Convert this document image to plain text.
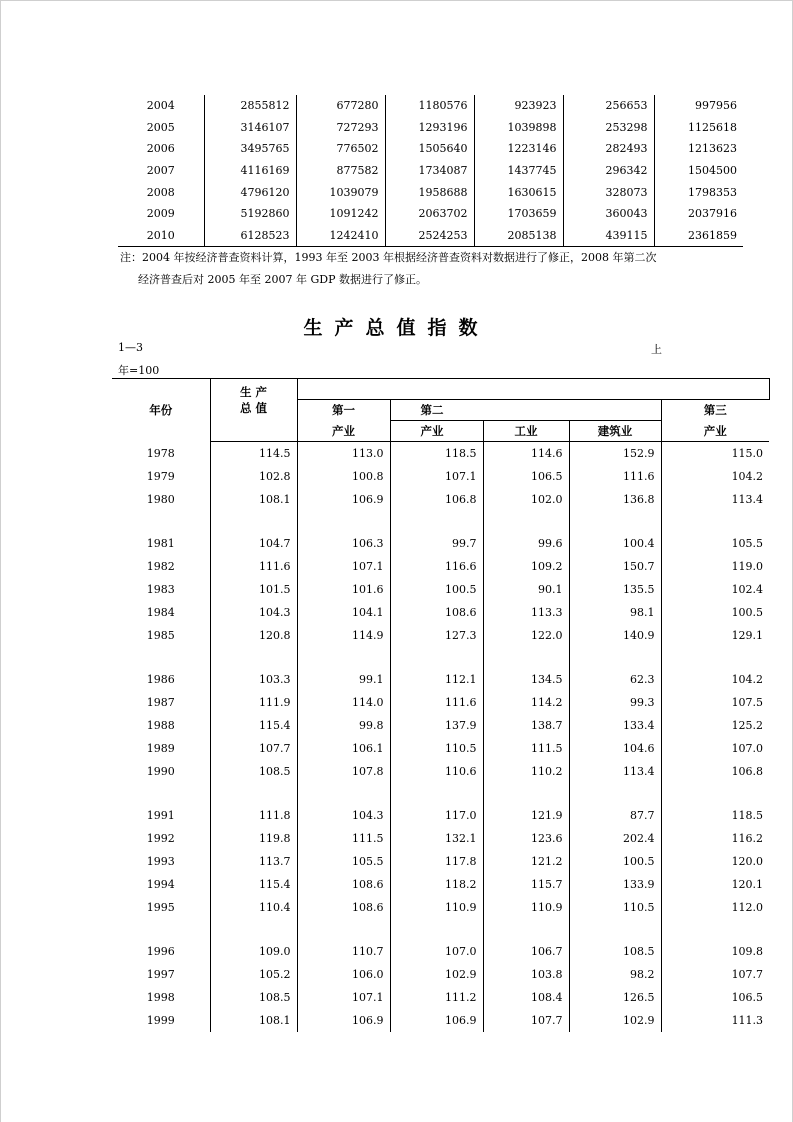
2004	2855812	677280	1180576	923923	256653	997956
2005	3146107	727293	1293196	1039898	253298	1125618
2006	3495765	776502	1505640	1223146	282493	1213623
2007	4116169	877582	1734087	1437745	296342	1504500
2008	4796120	1039079	1958688	1630615	328073	1798353
2009	5192860	1091242	2063702	1703659	360043	2037916
2010	6128523	1242410	2524253	2085138	439115	2361859
注：2004 年按经济普查资料计算，1993 年至 2003 年根据经济普查资料对数据进行了修正，2008 年第二次
经济普查后对 2005 年至 2007 年 GDP 数据进行了修正。
生产总值指数
1—3	上
年=100
年份	生 产				
	总 值	第一	第二			第三
		产业	产业	工业	建筑业	产业
1978	114.5	113.0	118.5	114.6	152.9	115.0
1979	102.8	100.8	107.1	106.5	111.6	104.2
1980	108.1	106.9	106.8	102.0	136.8	113.4

1981	104.7	106.3	99.7	99.6	100.4	105.5
1982	111.6	107.1	116.6	109.2	150.7	119.0
1983	101.5	101.6	100.5	90.1	135.5	102.4
1984	104.3	104.1	108.6	113.3	98.1	100.5
1985	120.8	114.9	127.3	122.0	140.9	129.1

1986	103.3	99.1	112.1	134.5	62.3	104.2
1987	111.9	114.0	111.6	114.2	99.3	107.5
1988	115.4	99.8	137.9	138.7	133.4	125.2
1989	107.7	106.1	110.5	111.5	104.6	107.0
1990	108.5	107.8	110.6	110.2	113.4	106.8

1991	111.8	104.3	117.0	121.9	87.7	118.5
1992	119.8	111.5	132.1	123.6	202.4	116.2
1993	113.7	105.5	117.8	121.2	100.5	120.0
1994	115.4	108.6	118.2	115.7	133.9	120.1
1995	110.4	108.6	110.9	110.9	110.5	112.0

1996	109.0	110.7	107.0	106.7	108.5	109.8
1997	105.2	106.0	102.9	103.8	98.2	107.7
1998	108.5	107.1	111.2	108.4	126.5	106.5
1999	108.1	106.9	106.9	107.7	102.9	111.3
